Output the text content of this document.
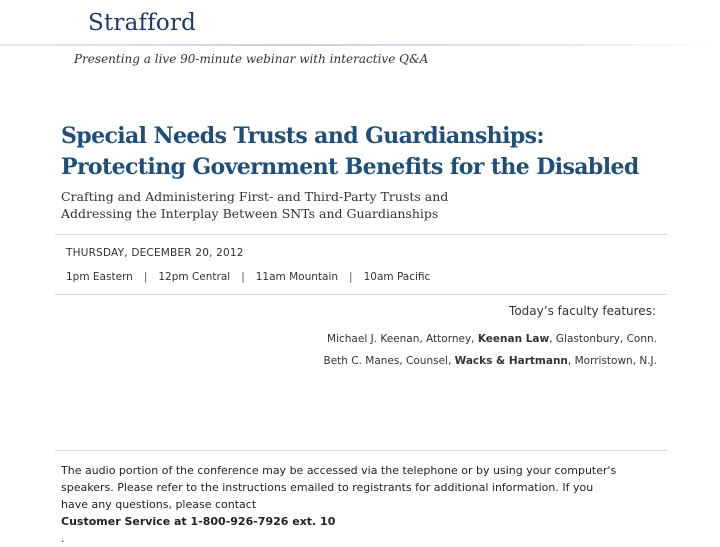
Strafford
Presenting a live 90-minute webinar with interactive Q&A
Special Needs Trusts and Guardianships:
Protecting Government Benefits for the Disabled
Crafting and Administering First- and Third-Party Trusts and
Addressing the Interplay Between SNTs and Guardianships
THURSDAY, DECEMBER 20, 2012
1pm Eastern | 12pm Central | 11am Mountain | 10am Pacific
Today’s faculty features:
Michael J. Keenan, Attorney, Keenan Law, Glastonbury, Conn.
Beth C. Manes, Counsel, Wacks & Hartmann, Morristown, N.J.
The audio portion of the conference may be accessed via the telephone or by using your computer's
speakers. Please refer to the instructions emailed to registrants for additional information. If you
have any questions, please contact
Customer Service at 1-800-926-7926 ext. 10
.
